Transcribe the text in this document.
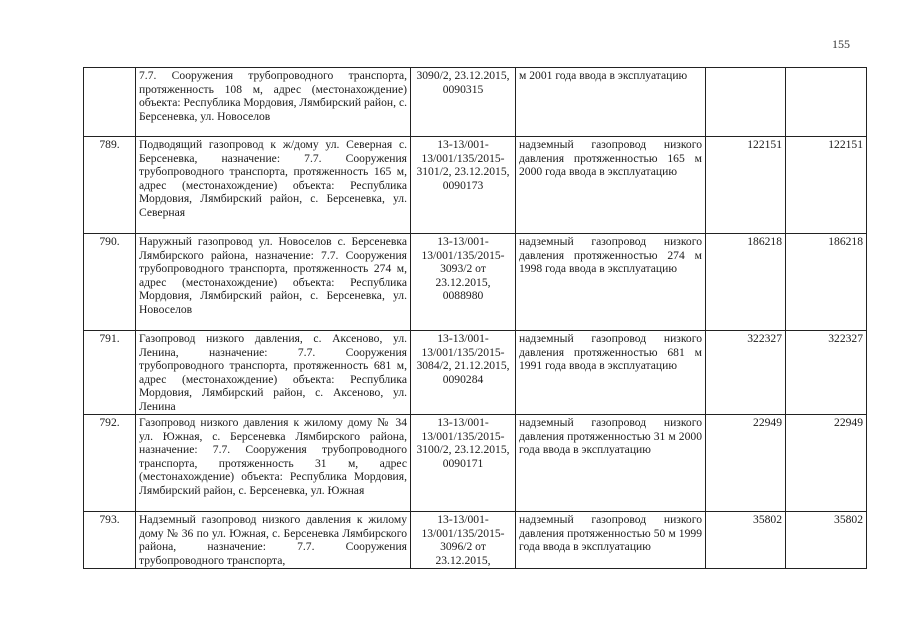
155
	7.7. Сооружения трубопроводного транспорта, протяженность 108 м, адрес (местонахождение) объекта: Республика Мордовия, Лямбирский район, с. Берсеневка, ул. Новоселов	3090/2, 23.12.2015, 0090315	м 2001 года ввода в эксплуатацию		
789.	Подводящий газопровод к ж/дому ул. Северная с. Берсеневка, назначение: 7.7. Сооружения трубопроводного транспорта, протяженность 165 м, адрес (местонахождение) объекта: Республика Мордовия, Лямбирский район, с. Берсеневка, ул. Северная	13-13/001-13/001/135/2015-3101/2, 23.12.2015, 0090173	надземный газопровод низкого давления протяженностью 165 м 2000 года ввода в эксплуатацию	122151	122151
790.	Наружный газопровод ул. Новоселов с. Берсеневка Лямбирского района, назначение: 7.7. Сооружения трубопроводного транспорта, протяженность 274 м, адрес (местонахождение) объекта: Республика Мордовия, Лямбирский район, с. Берсеневка, ул. Новоселов	13-13/001-13/001/135/2015-3093/2 от 23.12.2015, 0088980	надземный газопровод низкого давления протяженностью 274 м 1998 года ввода в эксплуатацию	186218	186218
791.	Газопровод низкого давления, с. Аксеново, ул. Ленина, назначение: 7.7. Сооружения трубопроводного транспорта, протяженность 681 м, адрес (местонахождение) объекта: Республика Мордовия, Лямбирский район, с. Аксеново, ул. Ленина	13-13/001-13/001/135/2015-3084/2, 21.12.2015, 0090284	надземный газопровод низкого давления протяженностью 681 м 1991 года ввода в эксплуатацию	322327	322327
792.	Газопровод низкого давления к жилому дому № 34 ул. Южная, с. Берсеневка Лямбирского района, назначение: 7.7. Сооружения трубопроводного транспорта, протяженность 31 м, адрес (местонахождение) объекта: Республика Мордовия, Лямбирский район, с. Берсеневка, ул. Южная	13-13/001-13/001/135/2015-3100/2, 23.12.2015, 0090171	надземный газопровод низкого давления протяженностью 31 м 2000 года ввода в эксплуатацию	22949	22949
793.	Надземный газопровод низкого давления к жилому дому № 36 по ул. Южная, с. Берсеневка Лямбирского района, назначение: 7.7. Сооружения трубопроводного транспорта,	13-13/001-13/001/135/2015-3096/2 от 23.12.2015,	надземный газопровод низкого давления протяженностью 50 м 1999 года ввода в эксплуатацию	35802	35802
